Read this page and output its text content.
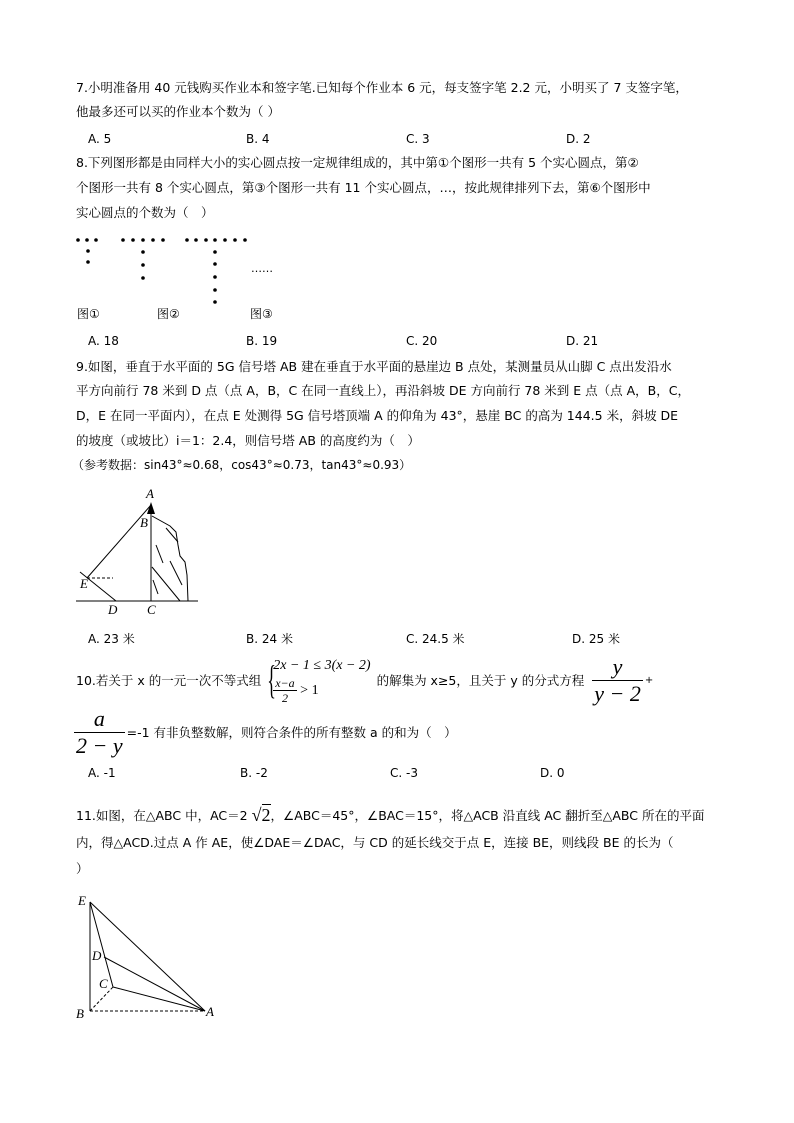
7.小明准备用 40 元钱购买作业本和签字笔.已知每个作业本 6 元，每支签字笔 2.2 元，小明买了 7 支签字笔，
他最多还可以买的作业本个数为（ ）
A. 5	B. 4	C. 3	D. 2
8.下列图形都是由同样大小的实心圆点按一定规律组成的，其中第①个图形一共有 5 个实心圆点，第②
个图形一共有 8 个实心圆点，第③个图形一共有 11 个实心圆点，…，按此规律排列下去，第⑥个图形中
实心圆点的个数为（　）
……
图①	图②	图③
A. 18	B. 19	C. 20	D. 21
9.如图，垂直于水平面的 5G 信号塔 AB 建在垂直于水平面的悬崖边 B 点处，某测量员从山脚 C 点出发沿水
平方向前行 78 米到 D 点（点 A，B，C 在同一直线上），再沿斜坡 DE 方向前行 78 米到 E 点（点 A，B，C，
D，E 在同一平面内），在点 E 处测得 5G 信号塔顶端 A 的仰角为 43°，悬崖 BC 的高为 144.5 米，斜坡 DE
的坡度（或坡比）i＝1：2.4，则信号塔 AB 的高度约为（　）
（参考数据：sin43°≈0.68，cos43°≈0.73，tan43°≈0.93）
A
B
E
D C
A. 23 米	B. 24 米	C. 24.5 米	D. 25 米
10.若关于 x 的一元一次不等式组 {
2x − 1 ≤ 3(x − 2)
$\frac{x-a}{2} > 1$
的解集为 x≥5，且关于 y 的分式方程 $\frac{y}{y - 2}$ +
$\frac{a}{2 - y} =-1$ 有非负整数解，则符合条件的所有整数 a 的和为（　）
A. -1	B. -2	C. -3	D. 0
11.如图，在△ABC 中，AC＝2 √2 ，∠ABC＝45°，∠BAC＝15°，将△ACB 沿直线 AC 翻折至△ABC 所在的平面
内，得△ACD.过点 A 作 AE，使∠DAE＝∠DAC，与 CD 的延长线交于点 E，连接 BE，则线段 BE 的长为（
）
E
D
C
B	A
